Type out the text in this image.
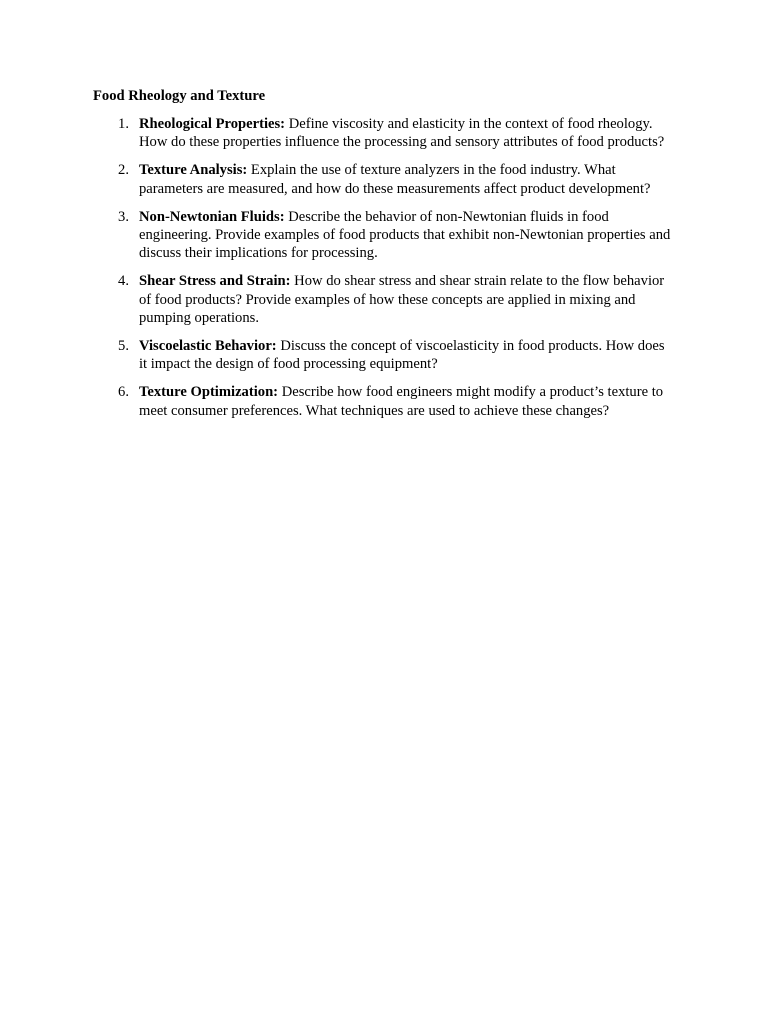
Food Rheology and Texture

1. Rheological Properties: Define viscosity and elasticity in the context of food rheology. How do these properties influence the processing and sensory attributes of food products?
2. Texture Analysis: Explain the use of texture analyzers in the food industry. What parameters are measured, and how do these measurements affect product development?
3. Non-Newtonian Fluids: Describe the behavior of non-Newtonian fluids in food engineering. Provide examples of food products that exhibit non-Newtonian properties and discuss their implications for processing.
4. Shear Stress and Strain: How do shear stress and shear strain relate to the flow behavior of food products? Provide examples of how these concepts are applied in mixing and pumping operations.
5. Viscoelastic Behavior: Discuss the concept of viscoelasticity in food products. How does it impact the design of food processing equipment?
6. Texture Optimization: Describe how food engineers might modify a product’s texture to meet consumer preferences. What techniques are used to achieve these changes?
